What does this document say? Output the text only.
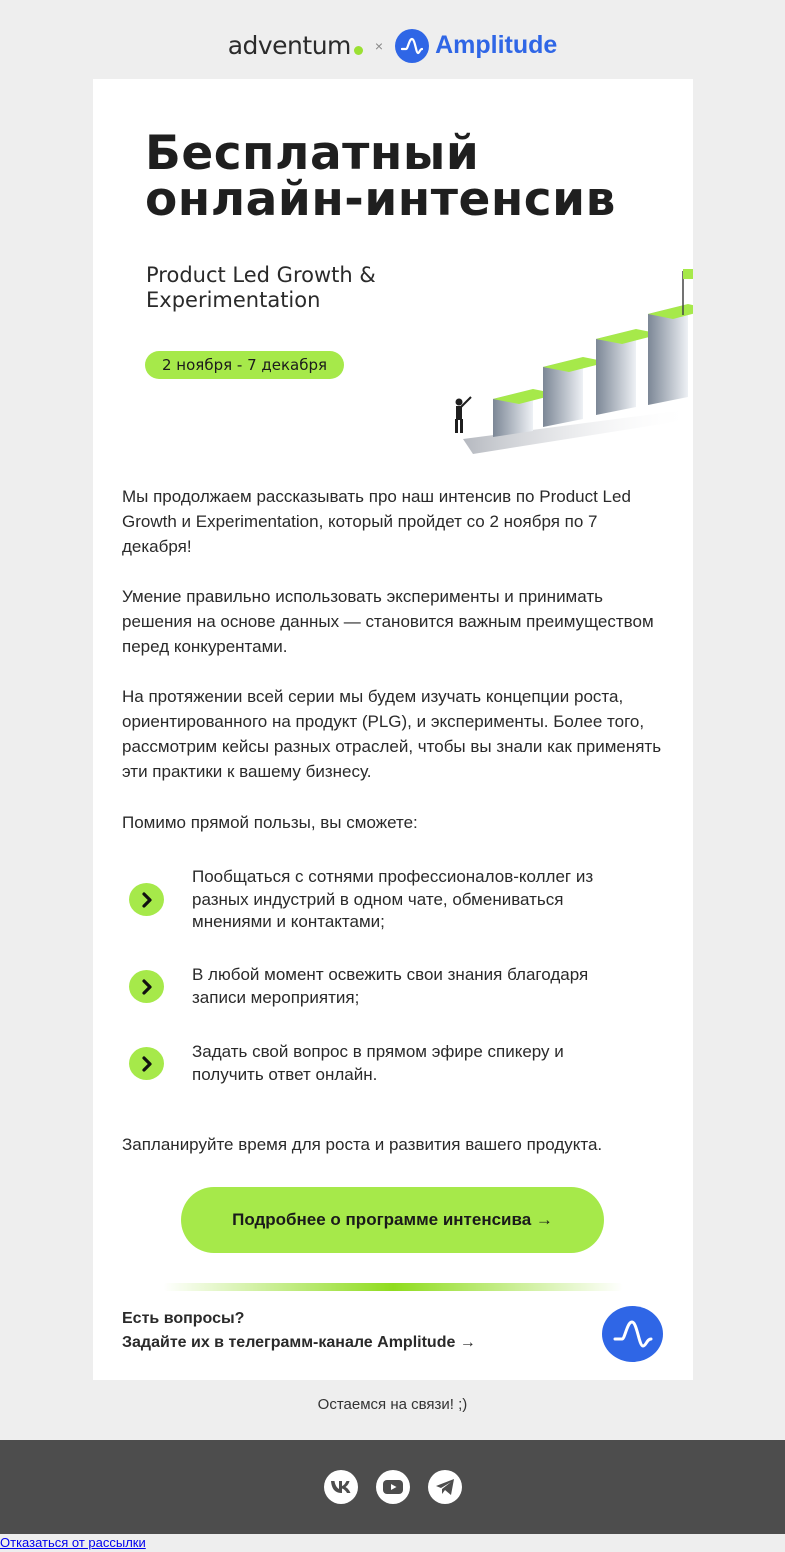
adventum × Amplitude
Бесплатный
онлайн-интенсив
Product Led Growth &
Experimentation
2 ноября - 7 декабря
Мы продолжаем рассказывать про наш интенсив по Product Led Growth и Experimentation, который пройдет со 2 ноября по 7 декабря!
Умение правильно использовать эксперименты и принимать решения на основе данных — становится важным преимуществом перед конкурентами.
На протяжении всей серии мы будем изучать концепции роста, ориентированного на продукт (PLG), и эксперименты. Более того, рассмотрим кейсы разных отраслей, чтобы вы знали как применять эти практики к вашему бизнесу.
Помимо прямой пользы, вы сможете:
Пообщаться с сотнями профессионалов-коллег из разных индустрий в одном чате, обмениваться мнениями и контактами;
В любой момент освежить свои знания благодаря записи мероприятия;
Задать свой вопрос в прямом эфире спикеру и получить ответ онлайн.
Запланируйте время для роста и развития вашего продукта.
Подробнее о программе интенсива →
Есть вопросы?
Задайте их в телеграмм-канале Amplitude →
Остаемся на связи! ;)
Отказаться от рассылки
